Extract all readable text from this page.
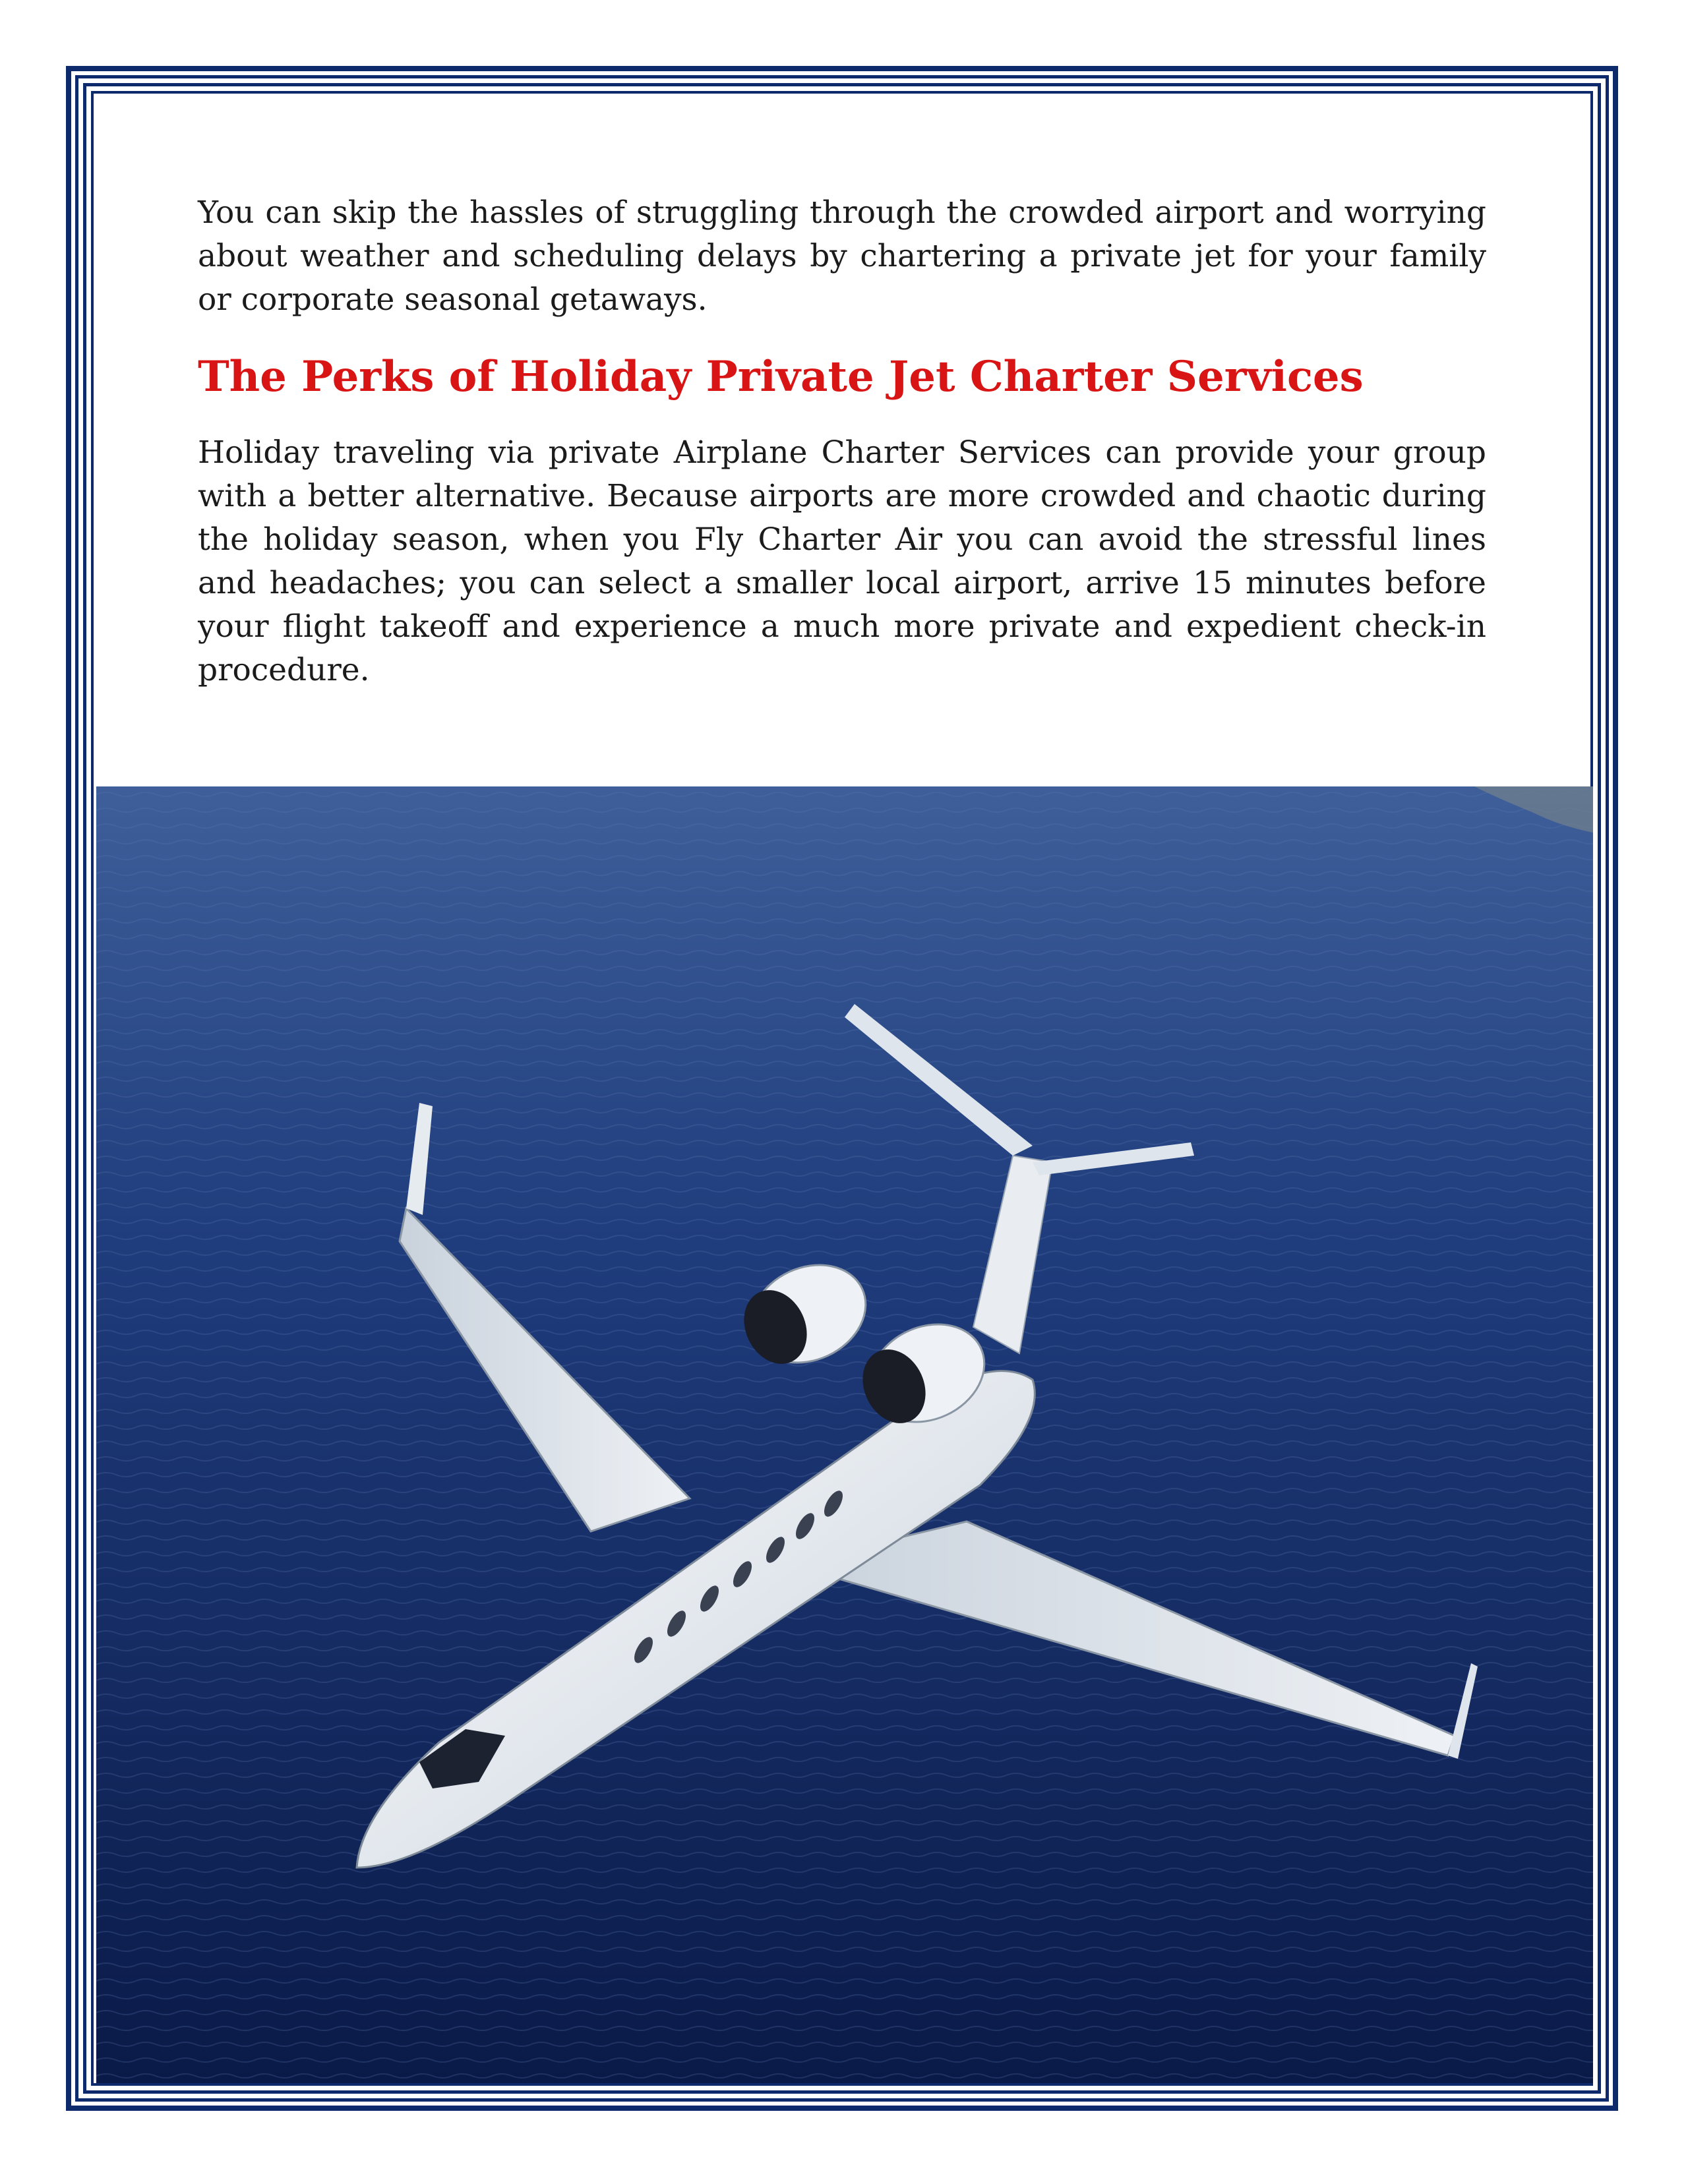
You can skip the hassles of struggling through the crowded airport and worrying about weather and scheduling delays by chartering a private jet for your family or corporate seasonal getaways.

The Perks of Holiday Private Jet Charter Services

Holiday traveling via private Airplane Charter Services can provide your group with a better alternative. Because airports are more crowded and chaotic during the holiday season, when you Fly Charter Air you can avoid the stressful lines and headaches; you can select a smaller local airport, arrive 15 minutes before your flight takeoff and experience a much more private and expedient check-in procedure.
